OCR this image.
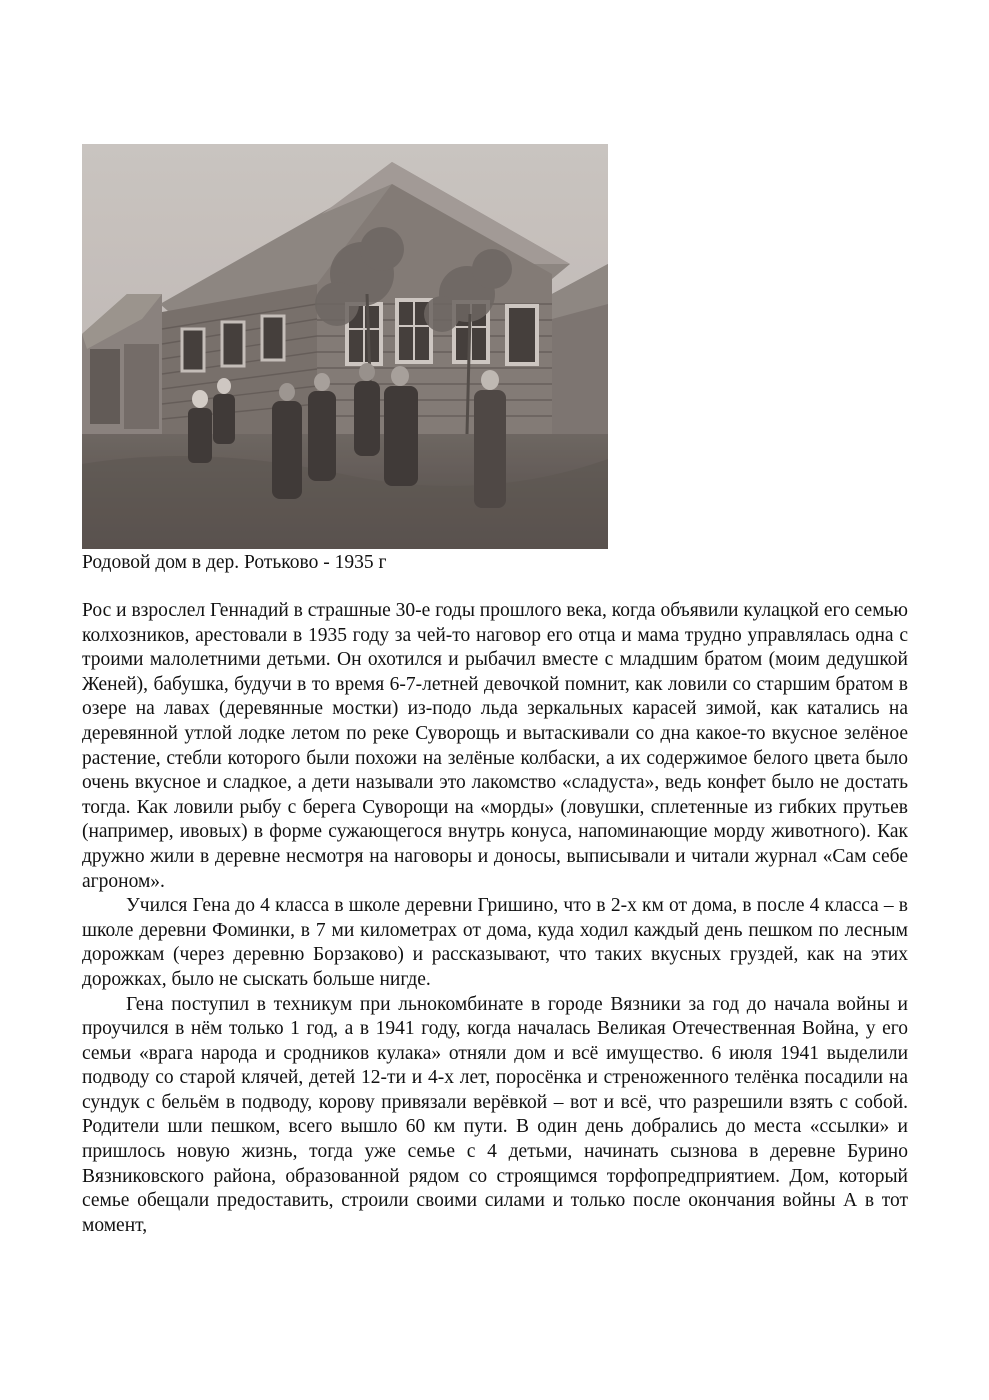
Родовой дом в дер. Ротьково - 1935 г

Рос и взрослел Геннадий в страшные 30-е годы прошлого века, когда объявили кулацкой его семью колхозников, арестовали в 1935 году за чей-то наговор его отца и мама трудно управлялась одна с троими малолетними детьми. Он охотился и рыбачил вместе с младшим братом (моим дедушкой Женей), бабушка, будучи в то время 6-7-летней девочкой помнит, как ловили со старшим братом в озере на лавах (деревянные мостки) из-подо льда зеркальных карасей зимой, как катались на деревянной утлой лодке летом по реке Суворощь и вытаскивали со дна какое-то вкусное зелёное растение, стебли которого были похожи на зелёные колбаски, а их содержимое белого цвета было очень вкусное и сладкое, а дети называли это лакомство «сладуста», ведь конфет было не достать тогда. Как ловили рыбу с берега Суворощи на «морды» (ловушки, сплетенные из гибких прутьев (например, ивовых) в форме сужающегося внутрь конуса, напоминающие морду животного). Как дружно жили в деревне несмотря на наговоры и доносы, выписывали и читали журнал «Сам себе агроном».

Учился Гена до 4 класса в школе деревни Гришино, что в 2-х км от дома, в после 4 класса – в школе деревни Фоминки, в 7 ми километрах от дома, куда ходил каждый день пешком по лесным дорожкам (через деревню Борзаково) и рассказывают, что таких вкусных груздей, как на этих дорожках, было не сыскать больше нигде.

Гена поступил в техникум при льнокомбинате в городе Вязники за год до начала войны и проучился в нём только 1 год, а в 1941 году, когда началась Великая Отечественная Война, у его семьи «врага народа и сродников кулака» отняли дом и всё имущество. 6 июля 1941 выделили подводу со старой клячей, детей 12-ти и 4-х лет, поросёнка и стреноженного телёнка посадили на сундук с бельём в подводу, корову привязали верёвкой – вот и всё, что разрешили взять с собой. Родители шли пешком, всего вышло 60 км пути. В один день добрались до места «ссылки» и пришлось новую жизнь, тогда уже семье с 4 детьми, начинать сызнова в деревне Бурино Вязниковского района, образованной рядом со строящимся торфопредприятием. Дом, который семье обещали предоставить, строили своими силами и только после окончания войны А в тот момент,
